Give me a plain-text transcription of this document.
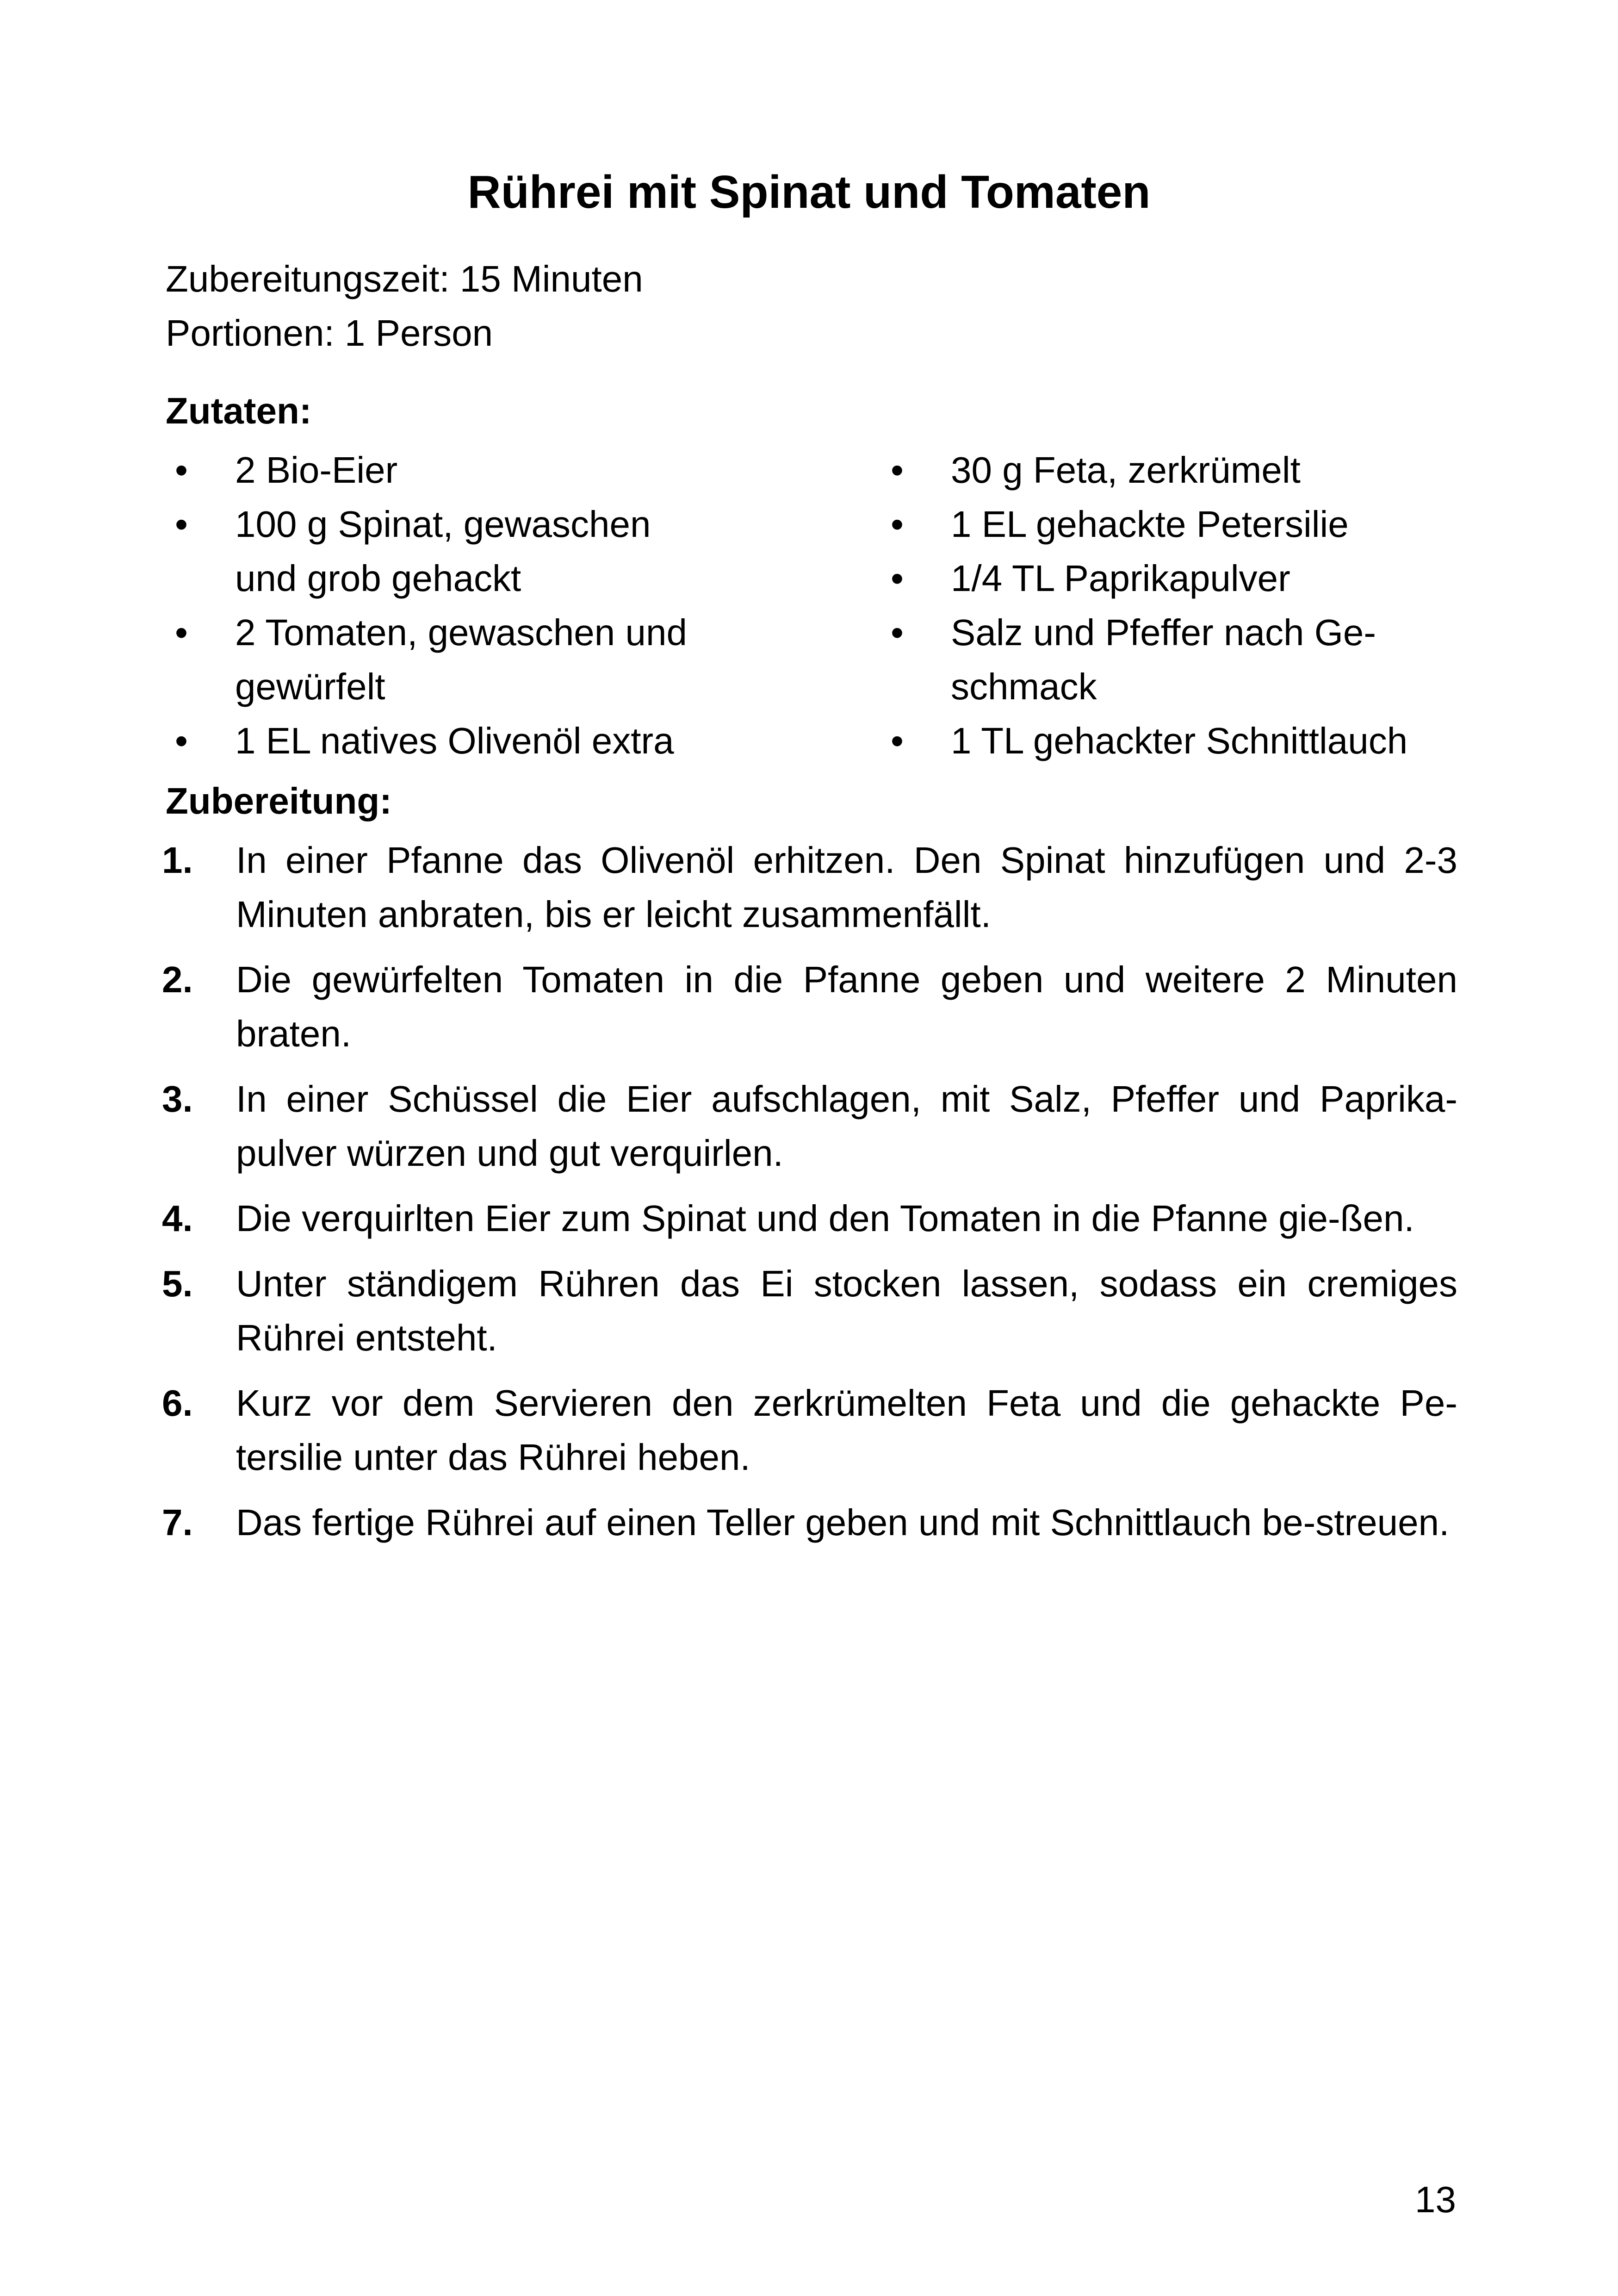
Rührei mit Spinat und Tomaten
Zubereitungszeit: 15 Minuten
Portionen: 1 Person
Zutaten:
• 2 Bio-Eier
• 100 g Spinat, gewaschen
und grob gehackt
• 2 Tomaten, gewaschen und
gewürfelt
• 1 EL natives Olivenöl extra
• 30 g Feta, zerkrümelt
• 1 EL gehackte Petersilie
• 1/4 TL Paprikapulver
• Salz und Pfeffer nach Ge-
schmack
• 1 TL gehackter Schnittlauch
Zubereitung:
1. In einer Pfanne das Olivenöl erhitzen. Den Spinat hinzufügen und 2-3 Minuten anbraten, bis er leicht zusammenfällt.
2. Die gewürfelten Tomaten in die Pfanne geben und weitere 2 Minuten braten.
3. In einer Schüssel die Eier aufschlagen, mit Salz, Pfeffer und Paprika-pulver würzen und gut verquirlen.
4. Die verquirlten Eier zum Spinat und den Tomaten in die Pfanne gie-ßen.
5. Unter ständigem Rühren das Ei stocken lassen, sodass ein cremiges Rührei entsteht.
6. Kurz vor dem Servieren den zerkrümelten Feta und die gehackte Pe-tersilie unter das Rührei heben.
7. Das fertige Rührei auf einen Teller geben und mit Schnittlauch be-streuen.
13
